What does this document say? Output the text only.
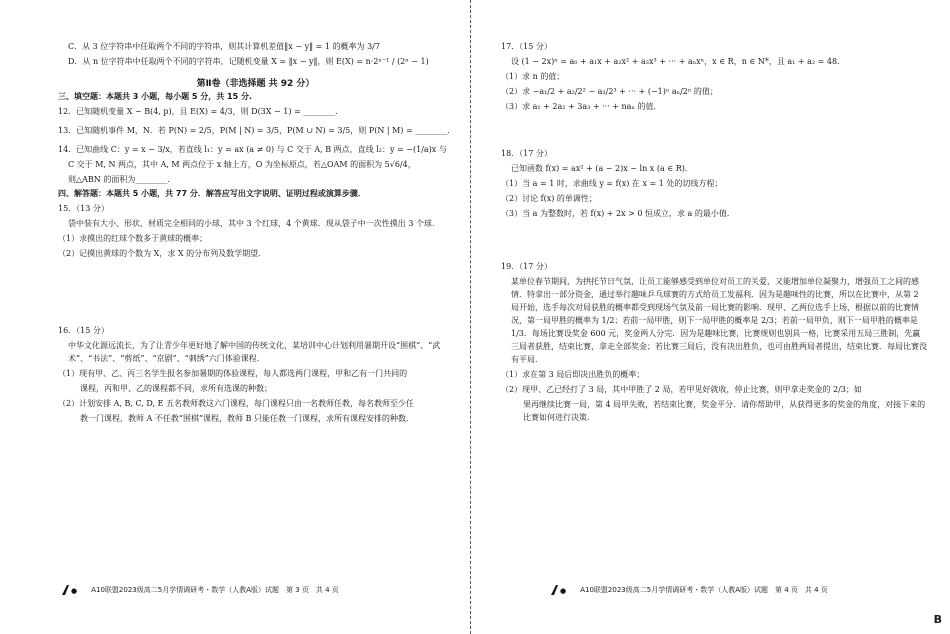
C．从 3 位字符串中任取两个不同的字符串，则其计算机差值‖x − y‖ = 1 的概率为 3/7

D．从 n 位字符串中任取两个不同的字符串，记随机变量 X = ‖x − y‖，则 E(X) = n·2ⁿ⁻¹ / (2ⁿ − 1)

第Ⅱ卷（非选择题 共 92 分）
三、填空题：本题共 3 小题，每小题 5 分，共 15 分.

12．已知随机变量 X ~ B(4, p)，且 E(X) = 4/3，则 D(3X − 1) = ________.

13．已知随机事件 M，N．若 P(N) = 2/5，P(M | N) = 3/5，P(M ∪ N) = 3/5，则 P(N | M) = ________.

14．已知曲线 C：y = x − 3/x，若直线 l₁：y = ax (a ≠ 0) 与 C 交于 A, B 两点，直线 l₂：y = −(1/a)x 与

C 交于 M, N 两点，其中 A, M 两点位于 x 轴上方，O 为坐标原点，若△OAM 的面积为 5√6/4，

则△ABN 的面积为________.

四、解答题：本题共 5 小题，共 77 分．解答应写出文字说明、证明过程或演算步骤．

15．（13 分）

袋中装有大小、形状、材质完全相同的小球，其中 3 个红球，4 个黄球．现从袋子中一次性摸出 3 个球．

（1）求摸出的红球个数多于黄球的概率；

（2）记摸出黄球的个数为 X，求 X 的分布列及数学期望．

16．（15 分）

中华文化源远流长，为了让青少年更好地了解中国的传统文化，某培训中心计划利用暑期开设“围棋”、“武术”、“书法”、“剪纸”、“京剧”、“刺绣”六门体验课程．

（1）现有甲、乙、丙三名学生报名参加暑期的体验课程，每人都选两门课程，甲和乙有一门共同的

课程，丙和甲、乙的课程都不同，求所有选课的种数；

（2）计划安排 A, B, C, D, E 五名教师教这六门课程，每门课程只由一名教师任教，每名教师至少任

教一门课程，教师 A 不任教“围棋”课程，教师 B 只能任教一门课程，求所有课程安排的种数．

● A10联盟2023级高二5月学情调研考・数学（人教A版）试题　第 3 页　共 4 页

17．（15 分）

设 (1 − 2x)ⁿ = a₀ + a₁x + a₂x² + a₃x³ + ··· + aₙxⁿ，x ∈ R，n ∈ N*，且 a₁ + a₂ = 48．

（1）求 n 的值；

（2）求 −a₁/2 + a₂/2² − a₃/2³ + ··· + (−1)ⁿ aₙ/2ⁿ 的值；

（3）求 a₁ + 2a₂ + 3a₃ + ··· + naₙ 的值．

18．（17 分）

已知函数 f(x) = ax² + (a − 2)x − ln x (a ∈ R)．

（1）当 a = 1 时，求曲线 y = f(x) 在 x = 1 处的切线方程；

（2）讨论 f(x) 的单调性；

（3）当 a 为整数时，若 f(x) + 2x > 0 恒成立，求 a 的最小值．

19．（17 分）

某单位春节期间，为拱托节日气氛，让员工能够感受到单位对员工的关爱，又能增加单位凝聚力，增强员工之间的感情．特拿出一部分资金，通过举行趣味乒乓球赛的方式给员工发福利．因为是趣味性的比赛，所以在比赛中，从第 2 局开始，选手每次对局获胜的概率都受到现场气氛及前一局比赛的影响．现甲、乙两位选手上场，根据以前的比赛情况，第一局甲胜的概率为 1/2；若前一局甲胜，则下一局甲胜的概率是 2/3；若前一局甲负，则下一局甲胜的概率是 1/3．每场比赛设奖金 600 元，奖金两人分完．因为是趣味比赛，比赛规则也别具一格，比赛采用五局三胜制，先赢三局者获胜，结束比赛，拿走全部奖金；若比赛三局后，没有决出胜负，也可由胜两局者提出，结束比赛．每局比赛没有平局．

（1）求在第 3 局后即决出胜负的概率；

（2）现甲、乙已经打了 3 局，其中甲胜了 2 局，若甲见好就收，停止比赛，则甲拿走奖金的 2/3；如

果再继续比赛一局，第 4 局甲失败，若结束比赛，奖金平分．请你帮助甲，从获得更多的奖金的角度，对接下来的比赛如何进行决策．

● A10联盟2023级高二5月学情调研考・数学（人教A版）试题　第 4 页　共 4 页
B
